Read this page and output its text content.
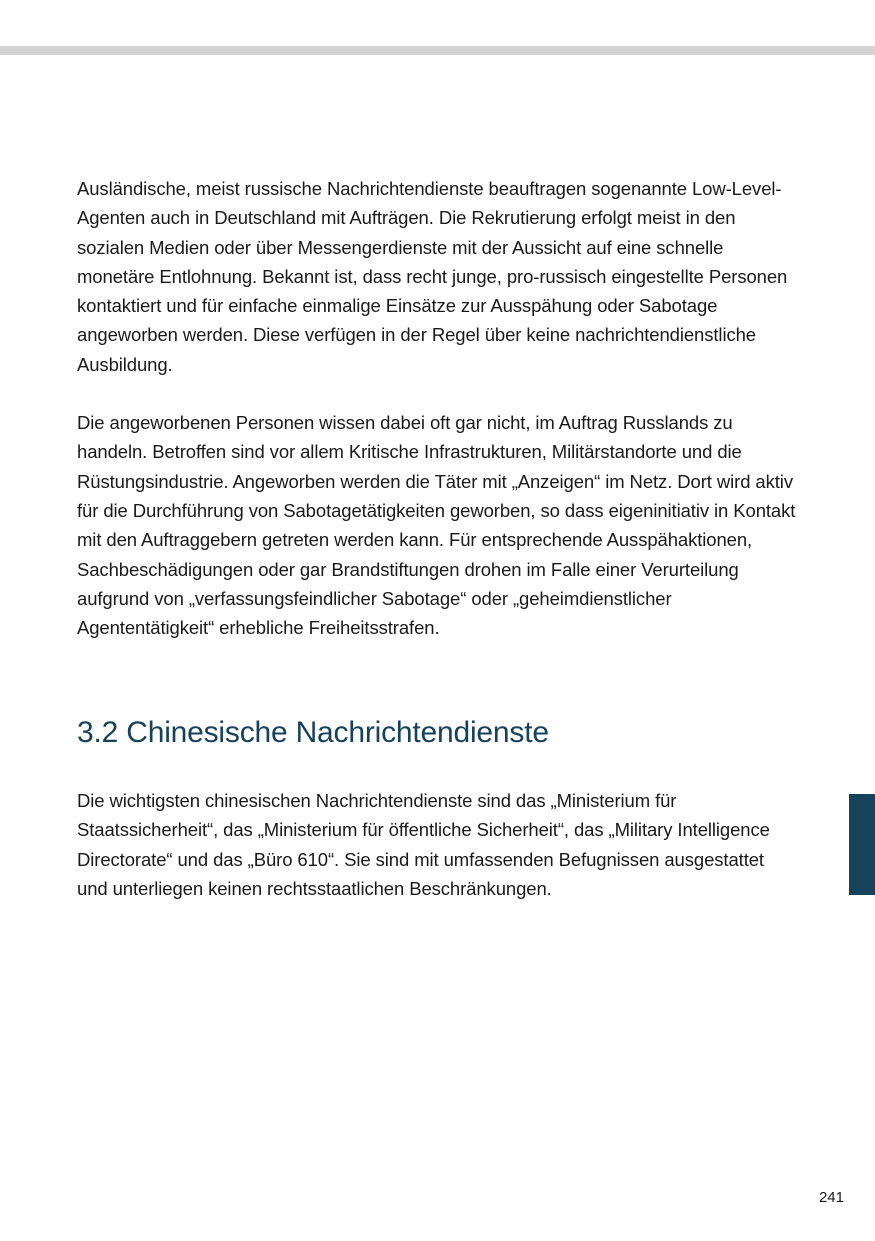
Ausländische, meist russische Nachrichtendienste beauftragen sogenannte Low-Level-Agenten auch in Deutschland mit Aufträgen. Die Rekrutierung erfolgt meist in den sozialen Medien oder über Messengerdienste mit der Aussicht auf eine schnelle monetäre Entlohnung. Bekannt ist, dass recht junge, pro-russisch eingestellte Personen kontaktiert und für einfache einmalige Einsätze zur Ausspähung oder Sabotage angeworben werden. Diese verfügen in der Regel über keine nachrichtendienstliche Ausbildung.

Die angeworbenen Personen wissen dabei oft gar nicht, im Auftrag Russlands zu handeln. Betroffen sind vor allem Kritische Infrastrukturen, Militärstandorte und die Rüstungsindustrie. Angeworben werden die Täter mit „Anzeigen“ im Netz. Dort wird aktiv für die Durchführung von Sabotagetätigkeiten geworben, so dass eigeninitiativ in Kontakt mit den Auftraggebern getreten werden kann. Für entsprechende Ausspähaktionen, Sachbeschädigungen oder gar Brandstiftungen drohen im Falle einer Verurteilung aufgrund von „verfassungsfeindlicher Sabotage“ oder „geheimdienstlicher Agententätigkeit“ erhebliche Freiheitsstrafen.

3.2 Chinesische Nachrichtendienste

Die wichtigsten chinesischen Nachrichtendienste sind das „Ministerium für Staatssicherheit“, das „Ministerium für öffentliche Sicherheit“, das „Military Intelligence Directorate“ und das „Büro 610“. Sie sind mit umfassenden Befugnissen ausgestattet und unterliegen keinen rechtsstaatlichen Beschränkungen.

241
